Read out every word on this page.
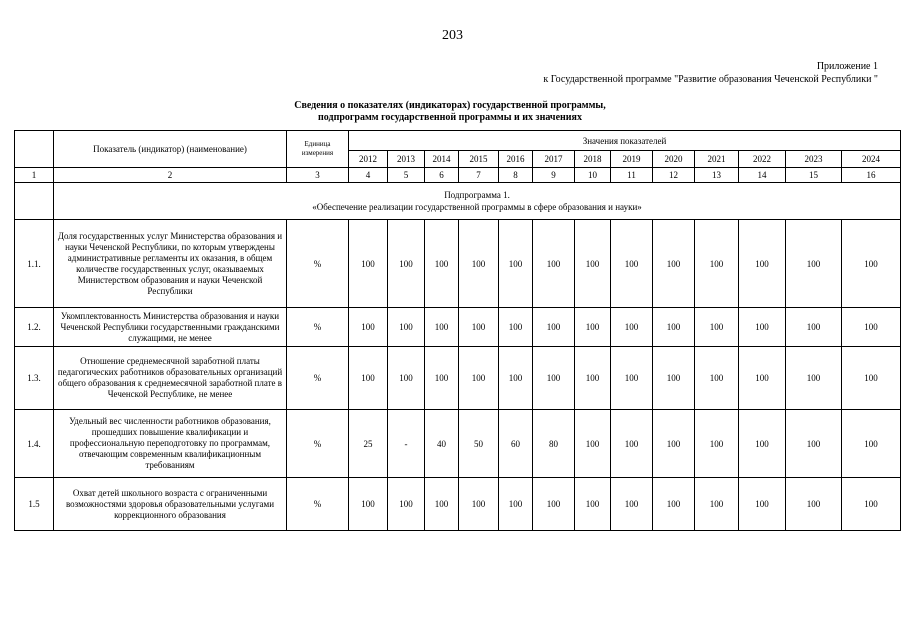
203
Приложение 1
к Государственной программе "Развитие образования Чеченской Республики "
Сведения о показателях (индикаторах) государственной программы,
подпрограмм государственной программы и их значениях
	Показатель (индикатор) (наименование)	Единица измерения	Значения показателей												
			2012	2013	2014	2015	2016	2017	2018	2019	2020	2021	2022	2023	2024
1	2	3	4	5	6	7	8	9	10	11	12	13	14	15	16

	Подпрограмма 1.
«Обеспечение реализации государственной программы в сфере образования и науки»														

1.1.	Доля государственных услуг Министерства образования и науки Чеченской Республики, по которым утверждены административные регламенты их оказания, в общем количестве государственных услуг, оказываемых Министерством образования и науки Чеченской Республики	%	100	100	100	100	100	100	100	100	100	100	100	100	100
1.2.	Укомплектованность Министерства образования и науки Чеченской Республики государственными гражданскими служащими, не менее	%	100	100	100	100	100	100	100	100	100	100	100	100	100
1.3.	Отношение среднемесячной заработной платы педагогических работников образовательных организаций общего образования к среднемесячной заработной плате в Чеченской Республике, не менее	%	100	100	100	100	100	100	100	100	100	100	100	100	100
1.4.	Удельный вес численности работников образования, прошедших повышение квалификации и профессиональную переподготовку по программам, отвечающим современным квалификационным требованиям	%	25	-	40	50	60	80	100	100	100	100	100	100	100
1.5	Охват детей школьного возраста с ограниченными возможностями здоровья образовательными услугами коррекционного образования	%	100	100	100	100	100	100	100	100	100	100	100	100	100
